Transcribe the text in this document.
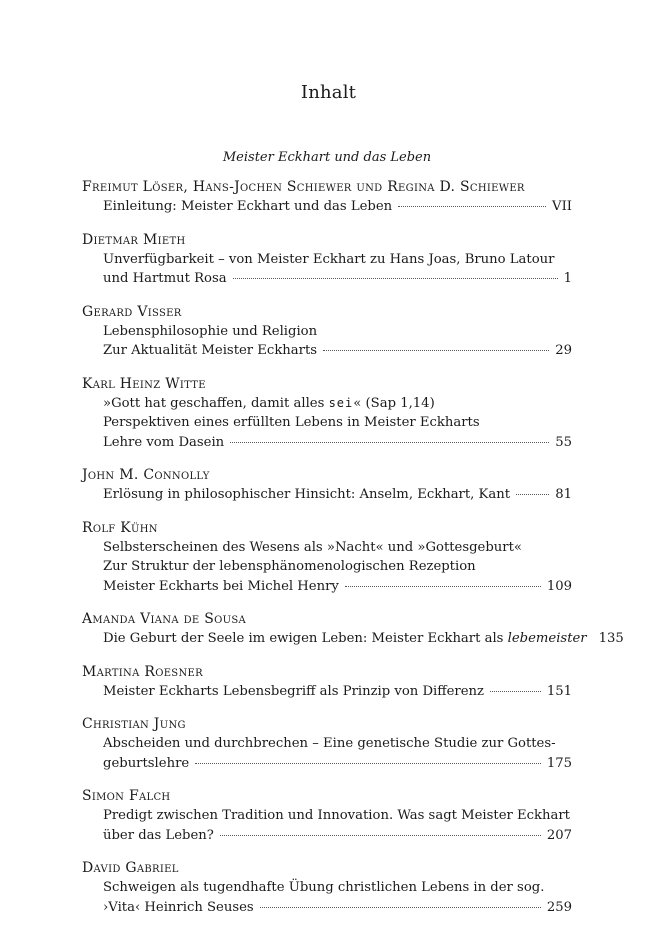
Inhalt
Meister Eckhart und das Leben
Freimut Löser, Hans-Jochen Schiewer und Regina D. Schiewer
Einleitung: Meister Eckhart und das Leben	VII
Dietmar Mieth
Unverfügbarkeit – von Meister Eckhart zu Hans Joas, Bruno Latour
und Hartmut Rosa	1
Gerard Visser
Lebensphilosophie und Religion
Zur Aktualität Meister Eckharts	29
Karl Heinz Witte
»Gott hat geschaffen, damit alles sei« (Sap 1,14)
Perspektiven eines erfüllten Lebens in Meister Eckharts
Lehre vom Dasein	55
John M. Connolly
Erlösung in philosophischer Hinsicht: Anselm, Eckhart, Kant	81
Rolf Kühn
Selbsterscheinen des Wesens als »Nacht« und »Gottesgeburt«
Zur Struktur der lebensphänomenologischen Rezeption
Meister Eckharts bei Michel Henry	109
Amanda Viana de Sousa
Die Geburt der Seele im ewigen Leben: Meister Eckhart als lebemeister 135
Martina Roesner
Meister Eckharts Lebensbegriff als Prinzip von Differenz	151
Christian Jung
Abscheiden und durchbrechen – Eine genetische Studie zur Gottes-
geburtslehre	175
Simon Falch
Predigt zwischen Tradition und Innovation. Was sagt Meister Eckhart
über das Leben?	207
David Gabriel
Schweigen als tugendhafte Übung christlichen Lebens in der sog.
›Vita‹ Heinrich Seuses	259
